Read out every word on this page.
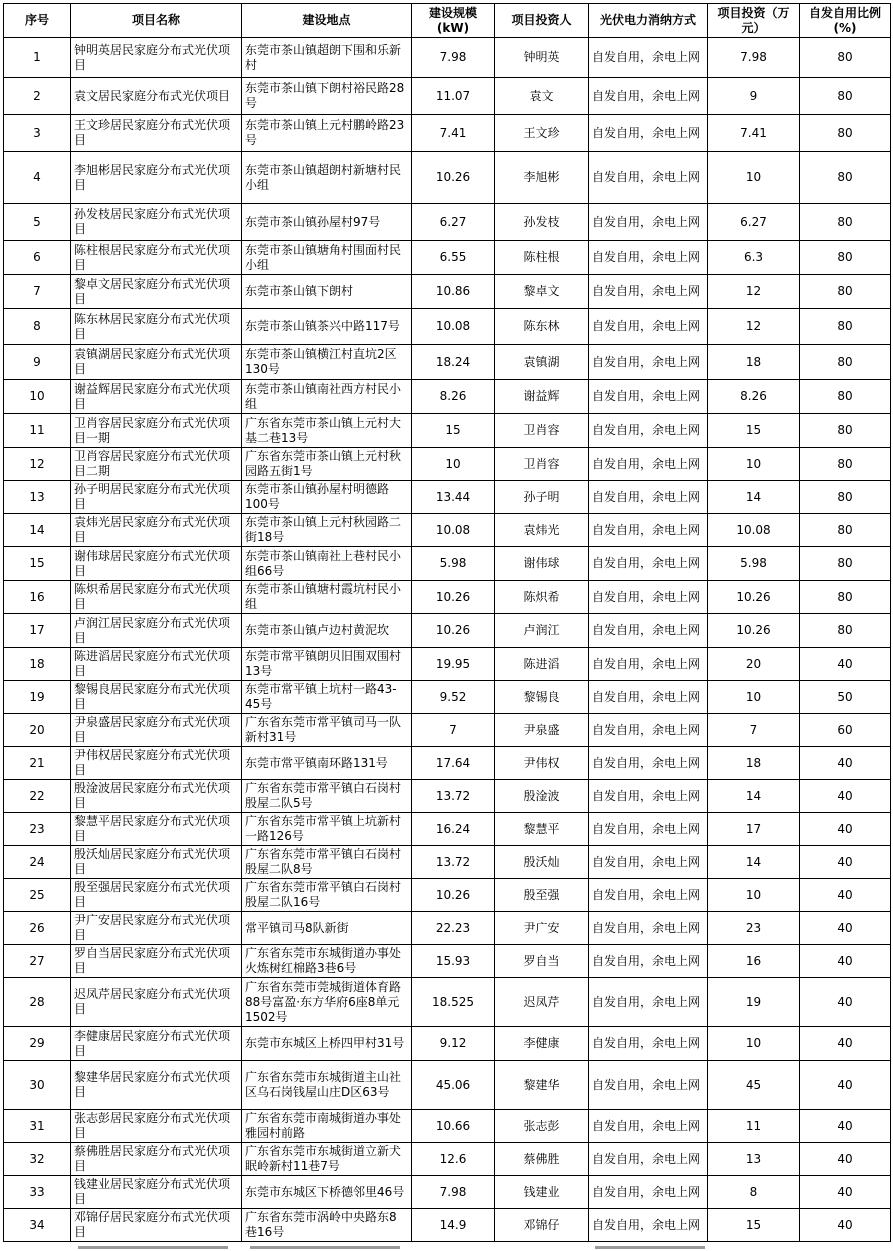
序号	项目名称	建设地点	建设规模(kW)	项目投资人	光伏电力消纳方式	项目投资（万元）	自发自用比例(%)
1	钟明英居民家庭分布式光伏项目	东莞市茶山镇超朗下围和乐新村	7.98	钟明英	自发自用，余电上网	7.98	80
2	袁文居民家庭分布式光伏项目	东莞市茶山镇下朗村裕民路28号	11.07	袁文	自发自用，余电上网	9	80
3	王文珍居民家庭分布式光伏项目	东莞市茶山镇上元村鹏岭路23号	7.41	王文珍	自发自用，余电上网	7.41	80
4	李旭彬居民家庭分布式光伏项目	东莞市茶山镇超朗村新塘村民小组	10.26	李旭彬	自发自用，余电上网	10	80
5	孙发枝居民家庭分布式光伏项目	东莞市茶山镇孙屋村97号	6.27	孙发枝	自发自用，余电上网	6.27	80
6	陈柱根居民家庭分布式光伏项目	东莞市茶山镇塘角村围面村民小组	6.55	陈柱根	自发自用，余电上网	6.3	80
7	黎卓文居民家庭分布式光伏项目	东莞市茶山镇下朗村	10.86	黎卓文	自发自用，余电上网	12	80
8	陈东林居民家庭分布式光伏项目	东莞市茶山镇茶兴中路117号	10.08	陈东林	自发自用，余电上网	12	80
9	袁镇湖居民家庭分布式光伏项目	东莞市茶山镇横江村直坑2区130号	18.24	袁镇湖	自发自用，余电上网	18	80
10	谢益辉居民家庭分布式光伏项目	东莞市茶山镇南社西方村民小组	8.26	谢益辉	自发自用，余电上网	8.26	80
11	卫肖容居民家庭分布式光伏项目一期	广东省东莞市茶山镇上元村大基二巷13号	15	卫肖容	自发自用，余电上网	15	80
12	卫肖容居民家庭分布式光伏项目二期	广东省东莞市茶山镇上元村秋园路五街1号	10	卫肖容	自发自用，余电上网	10	80
13	孙子明居民家庭分布式光伏项目	东莞市茶山镇孙屋村明德路100号	13.44	孙子明	自发自用，余电上网	14	80
14	袁炜光居民家庭分布式光伏项目	东莞市茶山镇上元村秋园路二街18号	10.08	袁炜光	自发自用，余电上网	10.08	80
15	谢伟球居民家庭分布式光伏项目	东莞市茶山镇南社上巷村民小组66号	5.98	谢伟球	自发自用，余电上网	5.98	80
16	陈炽希居民家庭分布式光伏项目	东莞市茶山镇塘村霞坑村民小组	10.26	陈炽希	自发自用，余电上网	10.26	80
17	卢润江居民家庭分布式光伏项目	东莞市茶山镇卢边村黄泥坎	10.26	卢润江	自发自用，余电上网	10.26	80
18	陈进滔居民家庭分布式光伏项目	东莞市常平镇朗贝旧围双围村13号	19.95	陈进滔	自发自用，余电上网	20	40
19	黎锡良居民家庭分布式光伏项目	东莞市常平镇上坑村一路43-45号	9.52	黎锡良	自发自用，余电上网	10	50
20	尹泉盛居民家庭分布式光伏项目	广东省东莞市常平镇司马一队新村31号	7	尹泉盛	自发自用，余电上网	7	60
21	尹伟权居民家庭分布式光伏项目	东莞市常平镇南环路131号	17.64	尹伟权	自发自用，余电上网	18	40
22	殷淦波居民家庭分布式光伏项目	广东省东莞市常平镇白石岗村殷屋二队5号	13.72	殷淦波	自发自用，余电上网	14	40
23	黎慧平居民家庭分布式光伏项目	广东省东莞市常平镇上坑新村一路126号	16.24	黎慧平	自发自用，余电上网	17	40
24	殷沃灿居民家庭分布式光伏项目	广东省东莞市常平镇白石岗村殷屋二队8号	13.72	殷沃灿	自发自用，余电上网	14	40
25	殷至强居民家庭分布式光伏项目	广东省东莞市常平镇白石岗村殷屋二队16号	10.26	殷至强	自发自用，余电上网	10	40
26	尹广安居民家庭分布式光伏项目	常平镇司马8队新街	22.23	尹广安	自发自用，余电上网	23	40
27	罗自当居民家庭分布式光伏项目	广东省东莞市东城街道办事处火炼树红棉路3巷6号	15.93	罗自当	自发自用，余电上网	16	40
28	迟凤芹居民家庭分布式光伏项目	广东省东莞市莞城街道体育路88号富盈·东方华府6座8单元1502号	18.525	迟凤芹	自发自用，余电上网	19	40
29	李健康居民家庭分布式光伏项目	东莞市东城区上桥四甲村31号	9.12	李健康	自发自用，余电上网	10	40
30	黎建华居民家庭分布式光伏项目	广东省东莞市东城街道主山社区乌石岗钱屋山庄D区63号	45.06	黎建华	自发自用，余电上网	45	40
31	张志彭居民家庭分布式光伏项目	广东省东莞市南城街道办事处雅园村前路	10.66	张志彭	自发自用，余电上网	11	40
32	蔡佛胜居民家庭分布式光伏项目	广东省东莞市东城街道立新犬眠岭新村11巷7号	12.6	蔡佛胜	自发自用，余电上网	13	40
33	钱建业居民家庭分布式光伏项目	东莞市东城区下桥德邻里46号	7.98	钱建业	自发自用，余电上网	8	40
34	邓锦仔居民家庭分布式光伏项目	广东省东莞市涡岭中央路东8巷16号	14.9	邓锦仔	自发自用，余电上网	15	40
